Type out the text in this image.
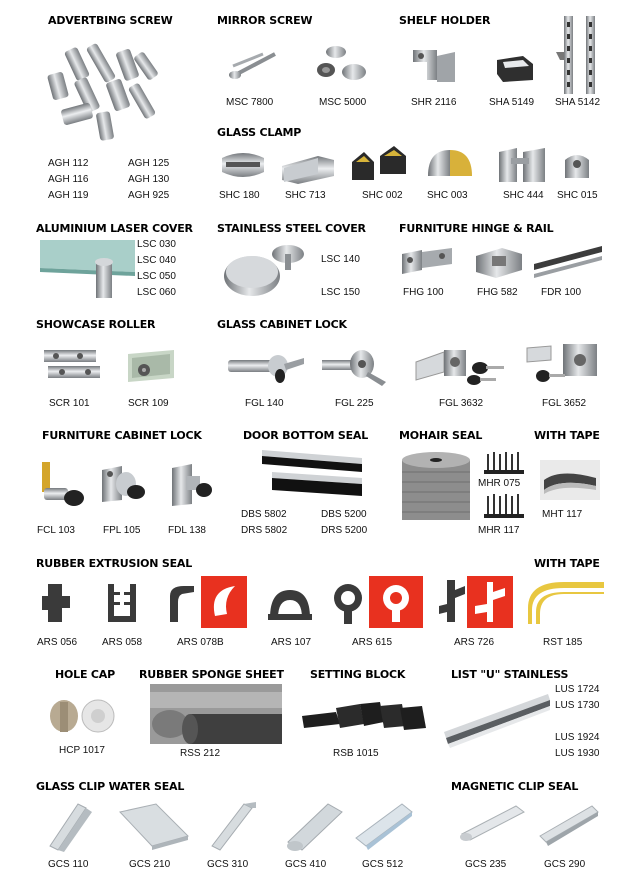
ADVERTBING SCREW	MIRROR SCREW	SHELF HOLDER
GLASS CLAMP
ALUMINIUM LASER COVER STAINLESS STEEL COVER	FURNITURE HINGE & RAIL
SHOWCASE ROLLER	GLASS CABINET LOCK
FURNITURE CABINET LOCK	DOOR BOTTOM SEAL	MOHAIR SEAL	WITH TAPE
RUBBER EXTRUSION SEAL	WITH TAPE
HOLE CAP RUBBER SPONGE SHEET SETTING BLOCK	LIST "U" STAINLESS
GLASS CLIP WATER SEAL	MAGNETIC CLIP SEAL
AGH 112	AGH 125
AGH 116	AGH 130
AGH 119	AGH 925
MSC 7800	MSC 5000	SHR 2116	SHA 5149 SHA 5142
SHC 180	SHC 713	SHC 002 SHC 003	SHC 444 SHC 015
LSC 030
LSC 040
LSC 050
LSC 060
LSC 140
LSC 150	FHG 100	FHG 582 FDR 100
SCR 101	SCR 109	FGL 140	FGL 225	FGL 3632	FGL 3652
FCL 103	FPL 105	FDL 138
DBS 5802	DBS 5200
DRS 5802	DRS 5200
MHR 075
MHR 117
MHT 117
ARS 056 ARS 058	ARS 078B	ARS 107	ARS 615	ARS 726	RST 185
HCP 1017	RSS 212	RSB 1015
LUS 1724
LUS 1730
LUS 1924
LUS 1930
GCS 110	GCS 210	GCS 310	GCS 410	GCS 512	GCS 235	GCS 290
